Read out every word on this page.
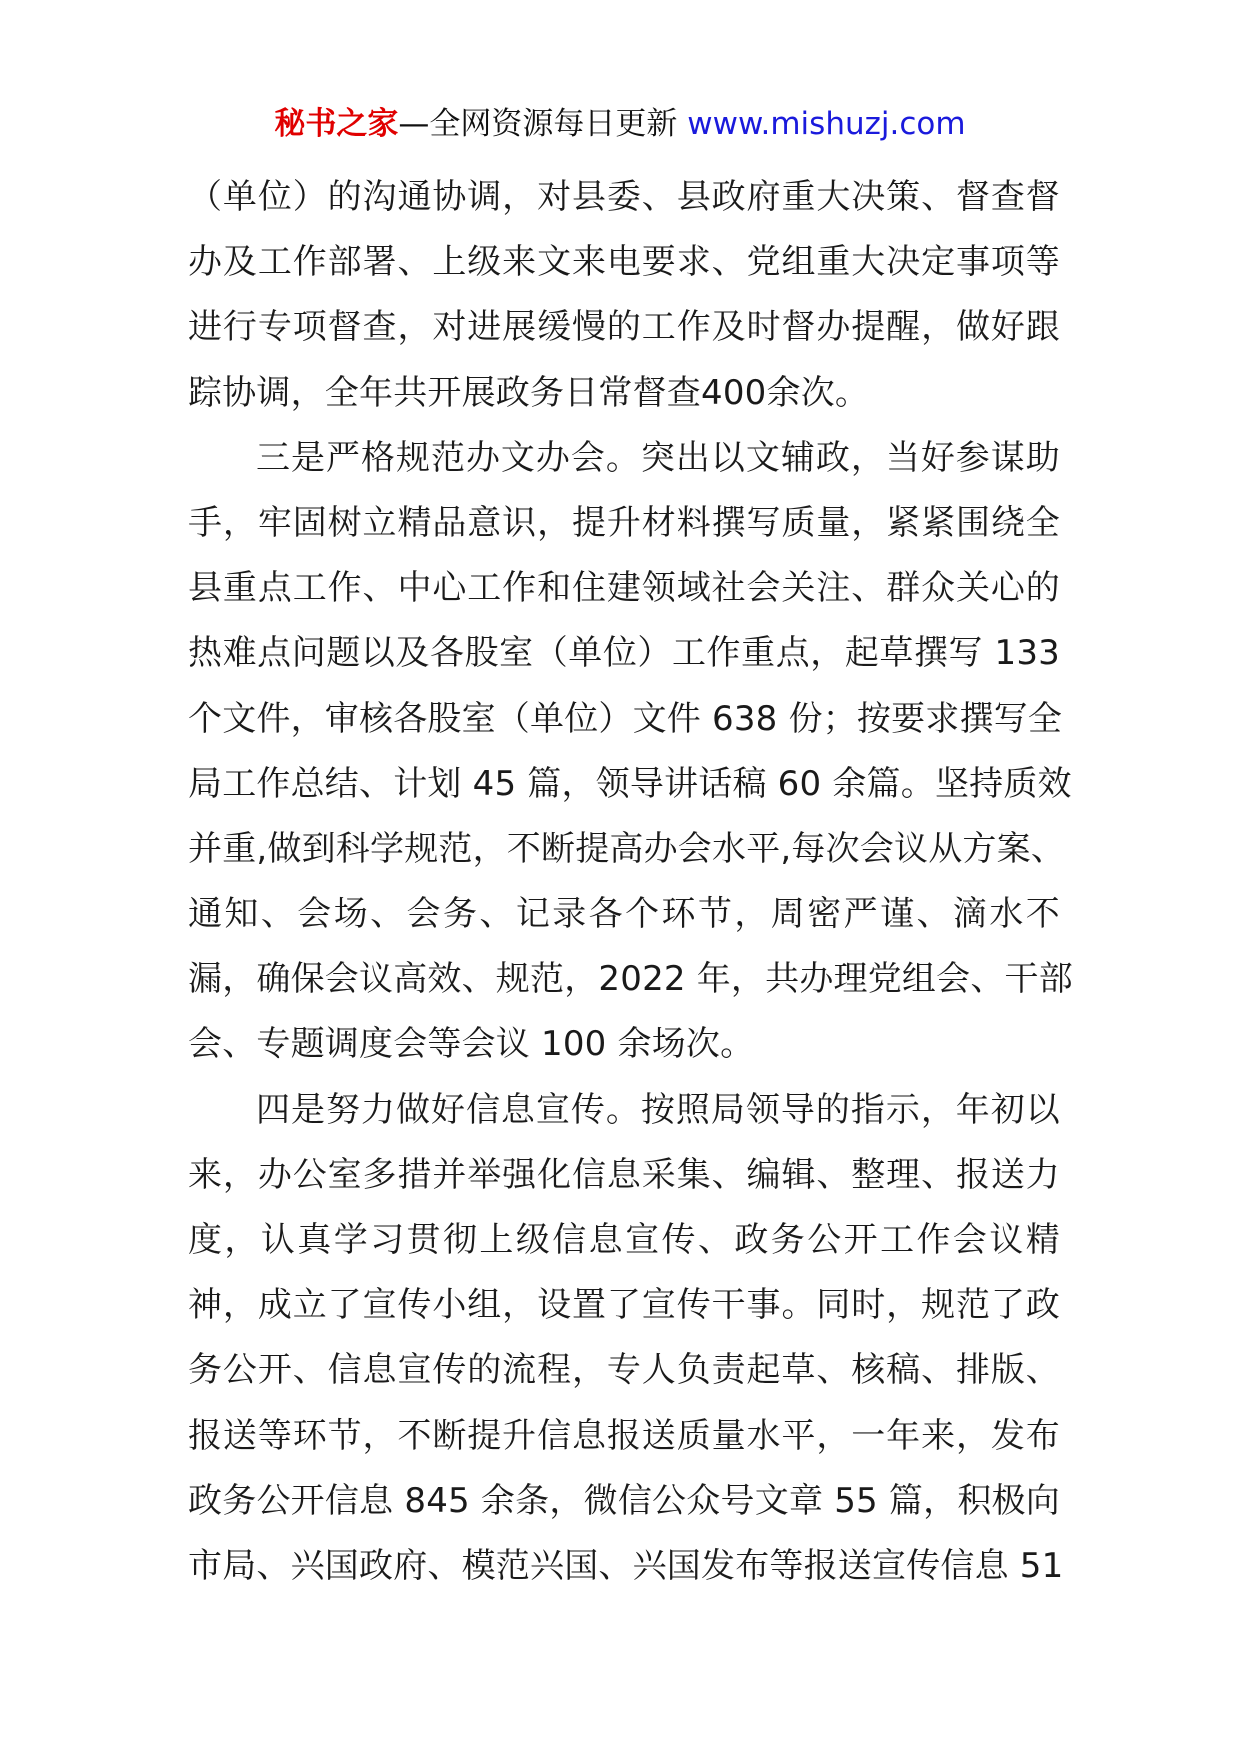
秘书之家—全网资源每日更新 www.mishuzj.com
（单位）的沟通协调，对县委、县政府重大决策、督查督
办及工作部署、上级来文来电要求、党组重大决定事项等
进行专项督查，对进展缓慢的工作及时督办提醒，做好跟
踪协调，全年共开展政务日常督查400余次。
三是严格规范办文办会。突出以文辅政，当好参谋助
手，牢固树立精品意识，提升材料撰写质量，紧紧围绕全
县重点工作、中心工作和住建领域社会关注、群众关心的
热难点问题以及各股室（单位）工作重点，起草撰写 133
个文件，审核各股室（单位）文件 638 份；按要求撰写全
局工作总结、计划 45 篇，领导讲话稿 60 余篇。坚持质效
并重,做到科学规范，不断提高办会水平,每次会议从方案、
通知、会场、会务、记录各个环节，周密严谨、滴水不
漏，确保会议高效、规范，2022 年，共办理党组会、干部
会、专题调度会等会议 100 余场次。
四是努力做好信息宣传。按照局领导的指示，年初以
来，办公室多措并举强化信息采集、编辑、整理、报送力
度，认真学习贯彻上级信息宣传、政务公开工作会议精
神，成立了宣传小组，设置了宣传干事。同时，规范了政
务公开、信息宣传的流程，专人负责起草、核稿、排版、
报送等环节，不断提升信息报送质量水平，一年来，发布
政务公开信息 845 余条，微信公众号文章 55 篇，积极向
市局、兴国政府、模范兴国、兴国发布等报送宣传信息 51
